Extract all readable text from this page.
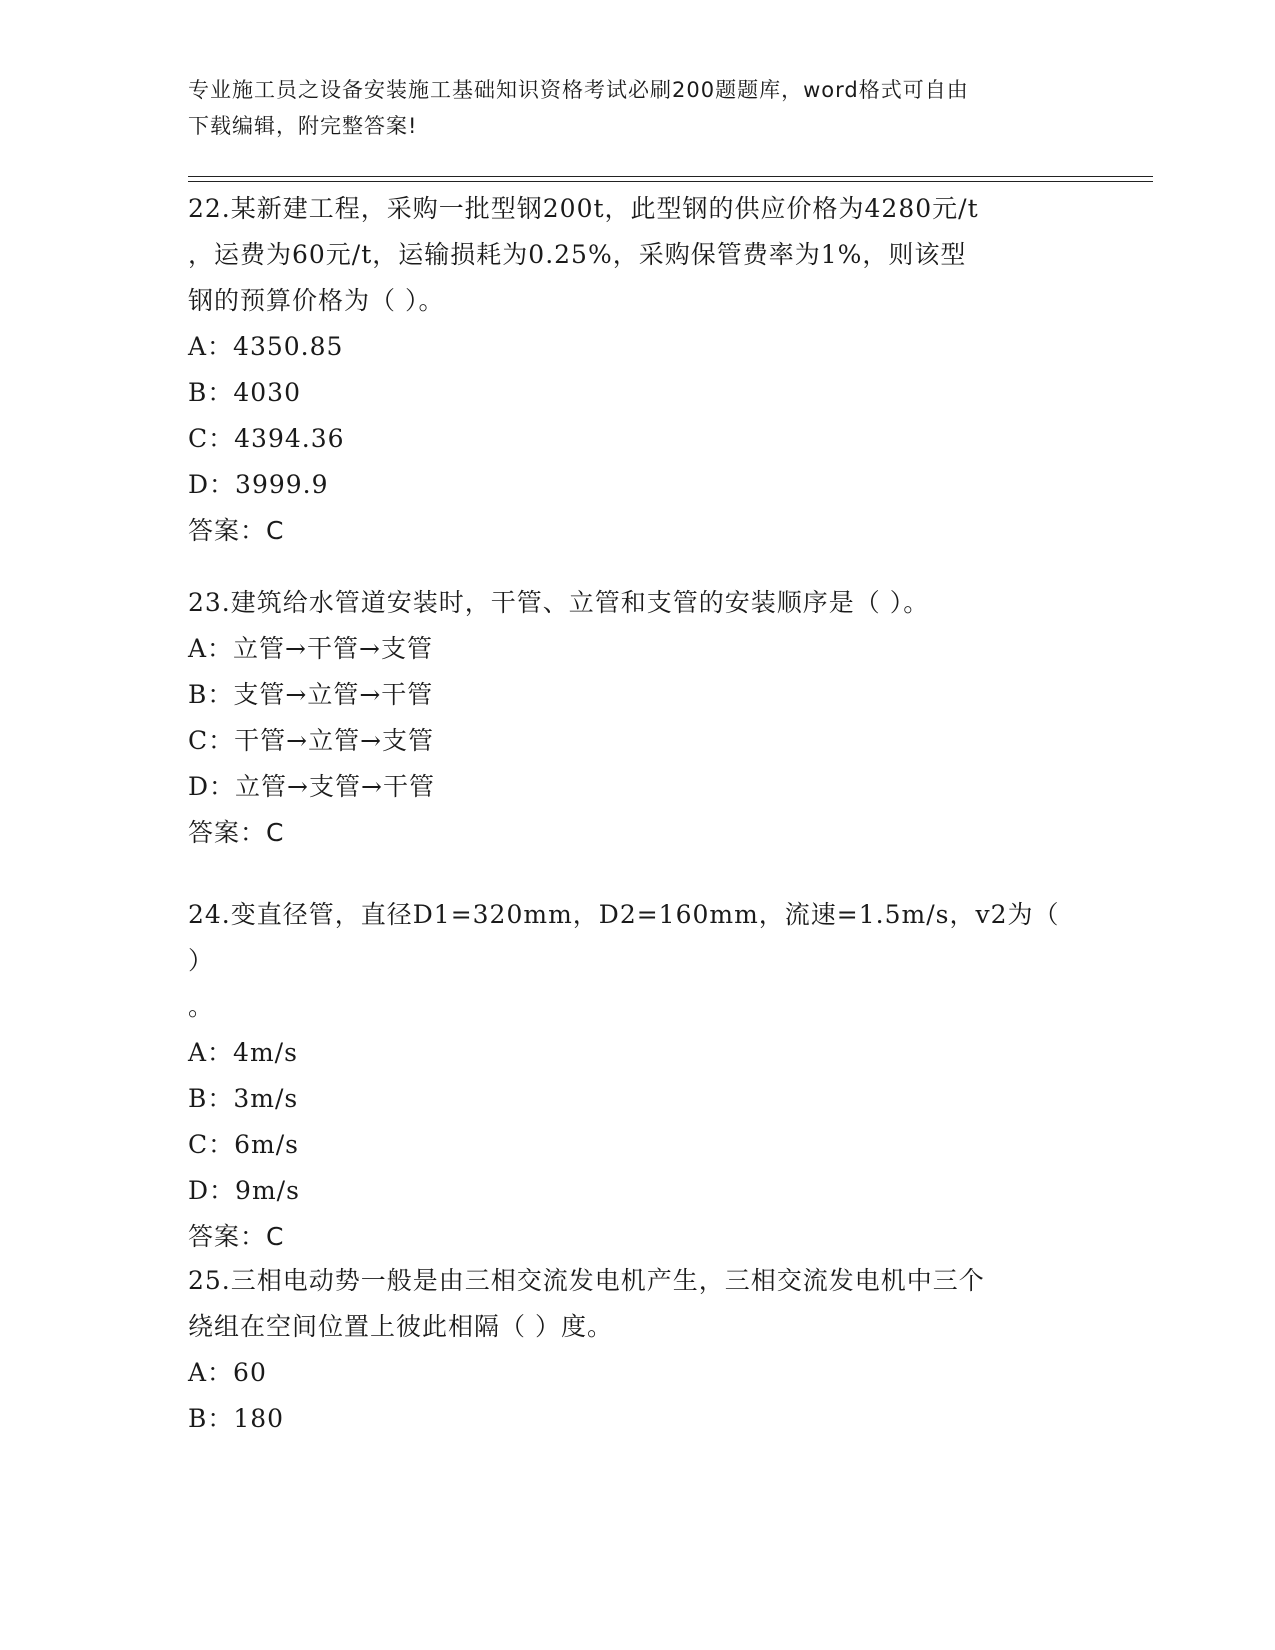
专业施工员之设备安装施工基础知识资格考试必刷200题题库，word格式可自由
下载编辑，附完整答案!
22.某新建工程，采购一批型钢200t，此型钢的供应价格为4280元/t
，运费为60元/t，运输损耗为0.25%，采购保管费率为1%，则该型
钢的预算价格为（ ）。
A：4350.85
B：4030
C：4394.36
D：3999.9
答案：C
23.建筑给水管道安装时，干管、立管和支管的安装顺序是（ ）。
A：立管→干管→支管
B：支管→立管→干管
C：干管→立管→支管
D：立管→支管→干管
答案：C
24.变直径管，直径D1=320mm，D2=160mm，流速=1.5m/s，v2为（ ）
。
A：4m/s
B：3m/s
C：6m/s
D：9m/s
答案：C
25.三相电动势一般是由三相交流发电机产生，三相交流发电机中三个
绕组在空间位置上彼此相隔（ ）度。
A：60
B：180
